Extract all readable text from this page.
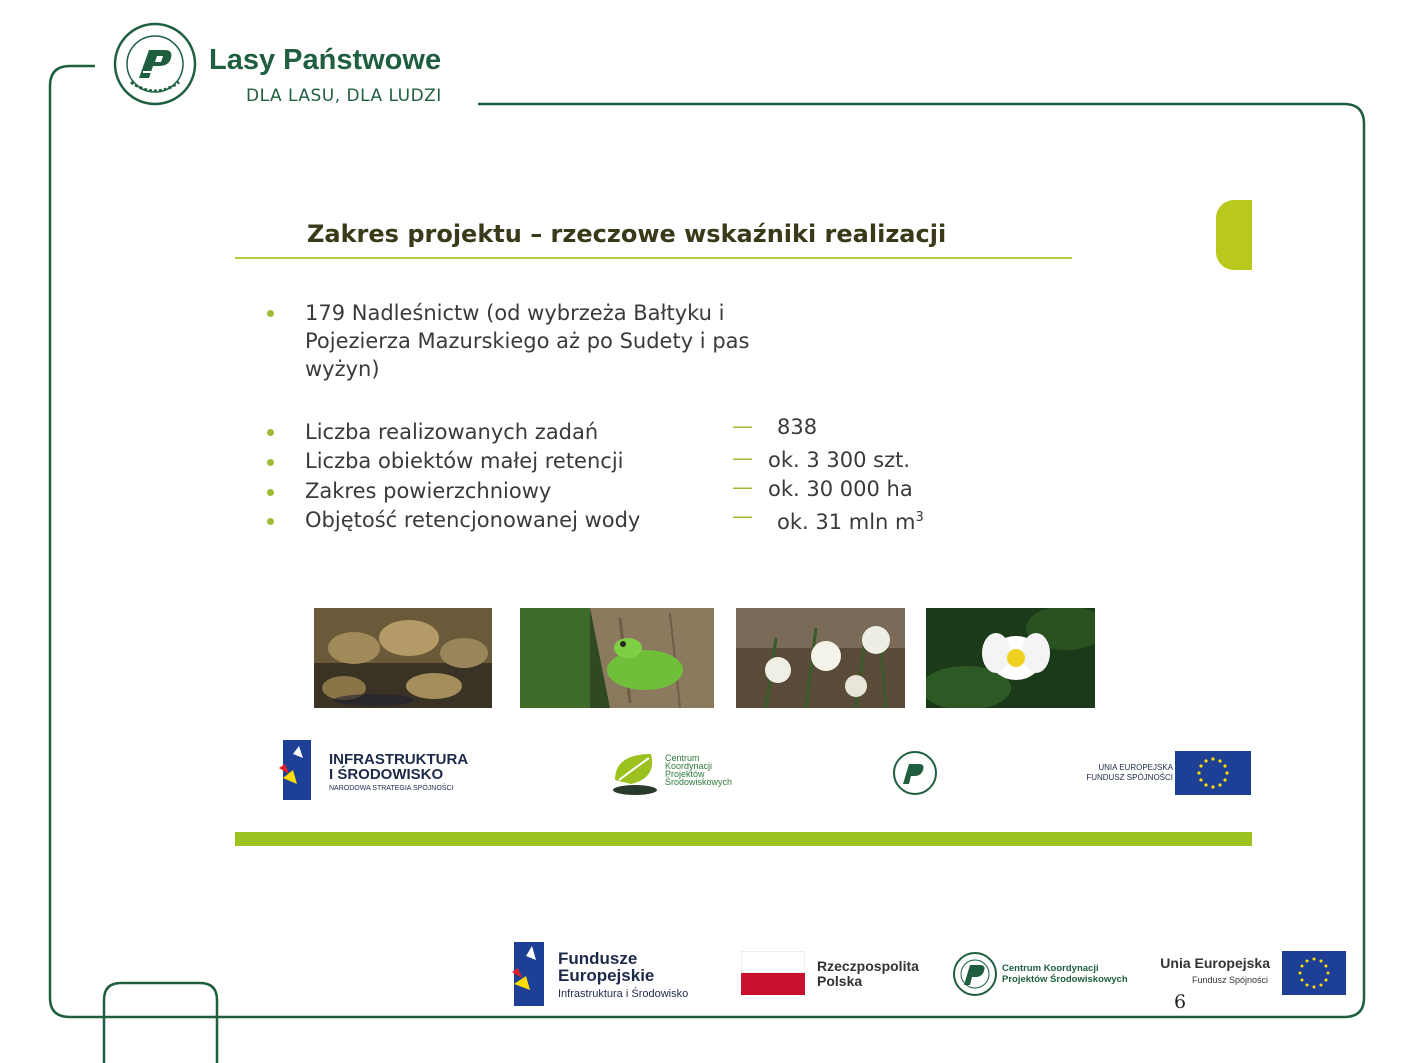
Lasy Państwowe
DLA LASU, DLA LUDZI
Zakres projektu – rzeczowe wskaźniki realizacji
179 Nadleśnictw (od wybrzeża Bałtyku i
Pojezierza Mazurskiego aż po Sudety i pas
wyżyn)
Liczba realizowanych zadań	— 838
Liczba obiektów małej retencji	— ok. 3 300 szt.
Zakres powierzchniowy	— ok. 30 000 ha
Objętość retencjonowanej wody	— ok. 31 mln $m^3$
INFRASTRUKTURA
I ŚRODOWISKO
NARODOWA STRATEGIA SPÓJNOŚCI
Centrum
Koordynacji
Projektów
Środowiskowych
UNIA EUROPEJSKA
FUNDUSZ SPÓJNOŚCI
Fundusze
Europejskie
Infrastruktura i Środowisko
Rzeczpospolita
Polska
Centrum Koordynacji
Projektów Środowiskowych
Unia Europejska
Fundusz Spójności
6
